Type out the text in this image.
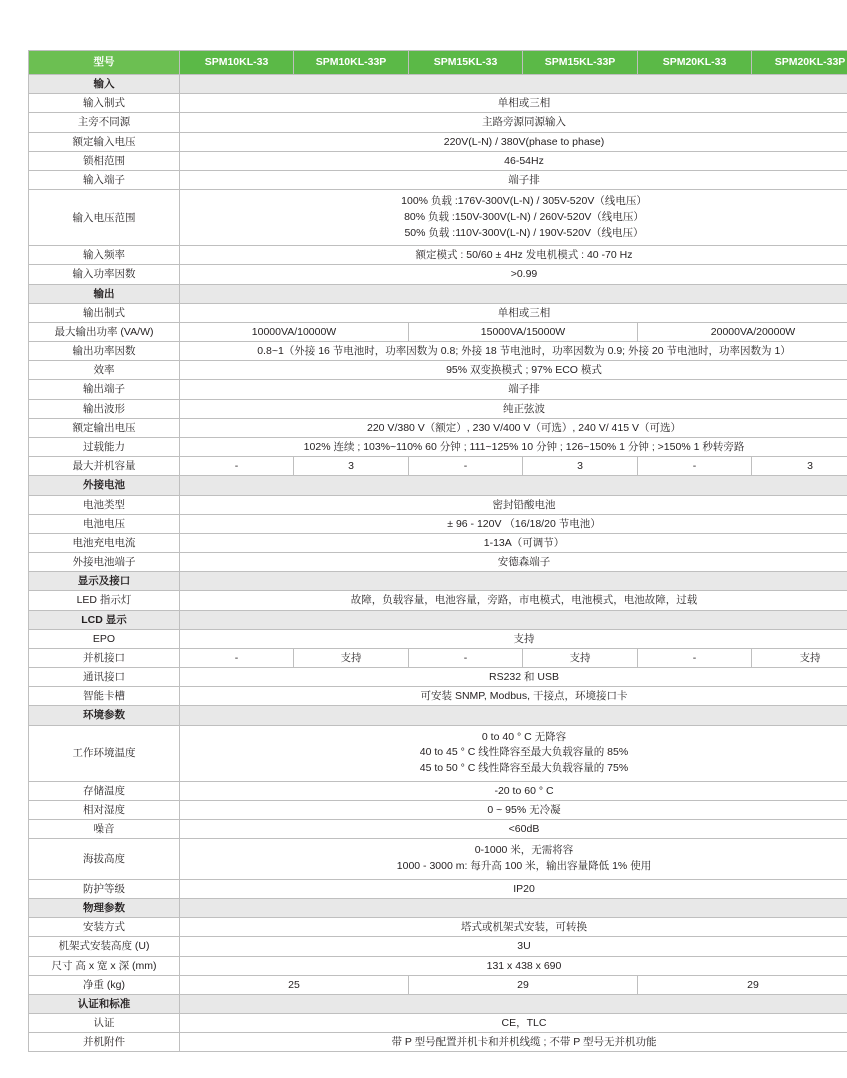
型号	SPM10KL-33	SPM10KL-33P	SPM15KL-33	SPM15KL-33P	SPM20KL-33	SPM20KL-33P
输入						
输入制式	单相或三相					
主旁不同源	主路旁源同源输入					
额定输入电压	220V(L-N) / 380V(phase to phase)					
锁相范围	46-54Hz					
输入端子	端子排					
输入电压范围	100% 负载 :176V-300V(L-N) / 305V-520V（线电压）
80% 负载 :150V-300V(L-N) / 260V-520V（线电压）
50% 负载 :110V-300V(L-N) / 190V-520V（线电压）					

输入频率	额定模式 : 50/60 ± 4Hz 发电机模式 : 40 -70 Hz					
输入功率因数	>0.99					
输出						
输出制式	单相或三相					
最大输出功率 (VA/W)	10000VA/10000W		15000VA/15000W		20000VA/20000W	
输出功率因数	0.8~1（外接 16 节电池时，功率因数为 0.8; 外接 18 节电池时，功率因数为 0.9; 外接 20 节电池时，功率因数为 1）					
效率	95% 双变换模式 ; 97% ECO 模式					
输出端子	端子排					
输出波形	纯正弦波					
额定输出电压	220 V/380 V（额定）, 230 V/400 V（可选）, 240 V/ 415 V（可选）					
过载能力	102% 连续 ; 103%~110% 60 分钟 ; 111~125% 10 分钟 ; 126~150% 1 分钟 ; >150% 1 秒转旁路					
最大并机容量	-	3	-	3	-	3
外接电池						
电池类型	密封铅酸电池					
电池电压	± 96 - 120V （16/18/20 节电池）					
电池充电电流	1-13A（可调节）					
外接电池端子	安德森端子					
显示及接口						
LED 指示灯	故障，负载容量，电池容量，旁路，市电模式，电池模式，电池故障，过载					
LCD 显示						
EPO	支持					
并机接口	-	支持	-	支持	-	支持
通讯接口	RS232 和 USB					
智能卡槽	可安装 SNMP, Modbus, 干接点，环境接口卡					
环境参数						
工作环境温度	0 to 40 ° C 无降容
40 to 45 ° C 线性降容至最大负载容量的 85%
45 to 50 ° C 线性降容至最大负载容量的 75%					

存储温度	-20 to 60 ° C					
相对湿度	0 ~ 95% 无冷凝					
噪音	<60dB					
海拔高度	0-1000 米，无需将容
1000 - 3000 m: 每升高 100 米，输出容量降低 1% 使用					

防护等级	IP20					
物理参数						
安装方式	塔式或机架式安装，可转换					
机架式安装高度 (U)	3U					
尺寸 高 x 宽 x 深 (mm)	131 x 438 x 690					
净重 (kg)	25		29		29	
认证和标准						
认证	CE，TLC					
并机附件	带 P 型号配置并机卡和并机线缆 ; 不带 P 型号无并机功能					
